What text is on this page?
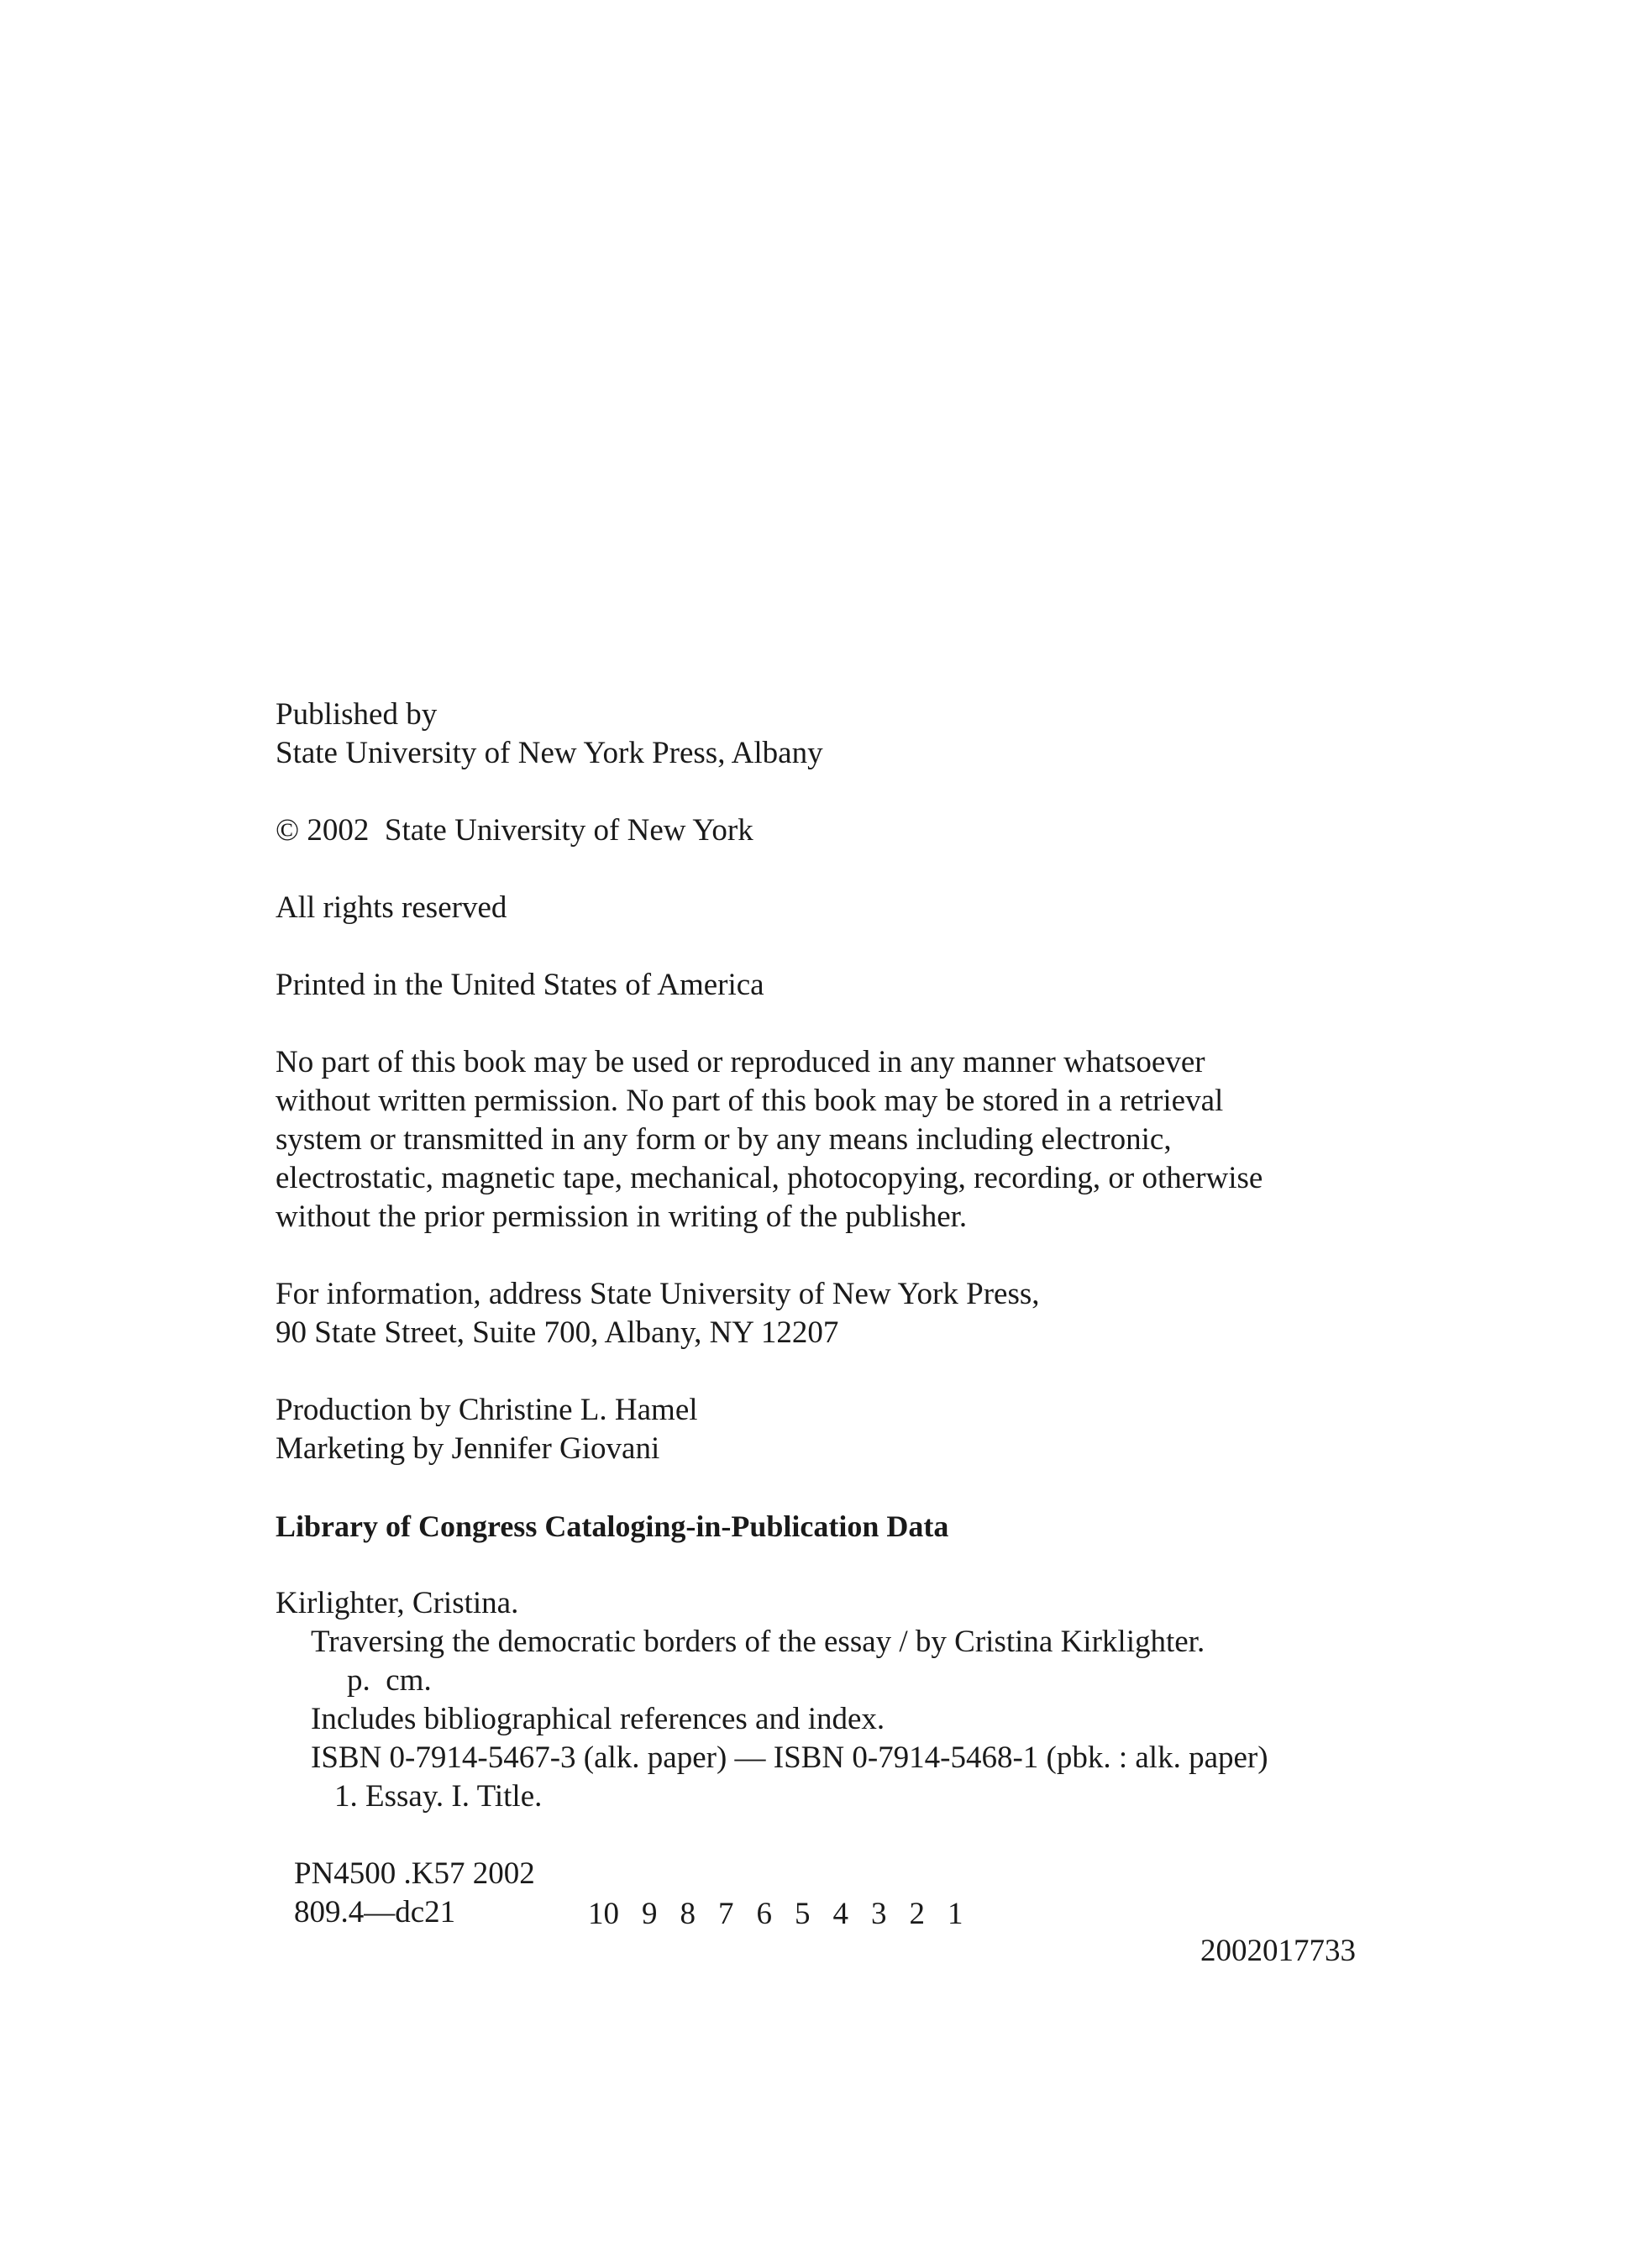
Published by

State University of New York Press, Albany

© 2002  State University of New York

All rights reserved

Printed in the United States of America

No part of this book may be used or reproduced in any manner whatsoever

without written permission. No part of this book may be stored in a retrieval

system or transmitted in any form or by any means including electronic,

electrostatic, magnetic tape, mechanical, photocopying, recording, or otherwise

without the prior permission in writing of the publisher.

For information, address State University of New York Press,

90 State Street, Suite 700, Albany, NY 12207

Production by Christine L. Hamel

Marketing by Jennifer Giovani

Library of Congress Cataloging-in-Publication Data

Kirlighter, Cristina.

Traversing the democratic borders of the essay / by Cristina Kirklighter.

p.  cm.

Includes bibliographical references and index.

ISBN 0-7914-5467-3 (alk. paper) — ISBN 0-7914-5468-1 (pbk. : alk. paper)

1. Essay. I. Title.

PN4500 .K57 2002

809.4—dc21

2002017733

10 9 8 7 6 5 4 3 2 1
